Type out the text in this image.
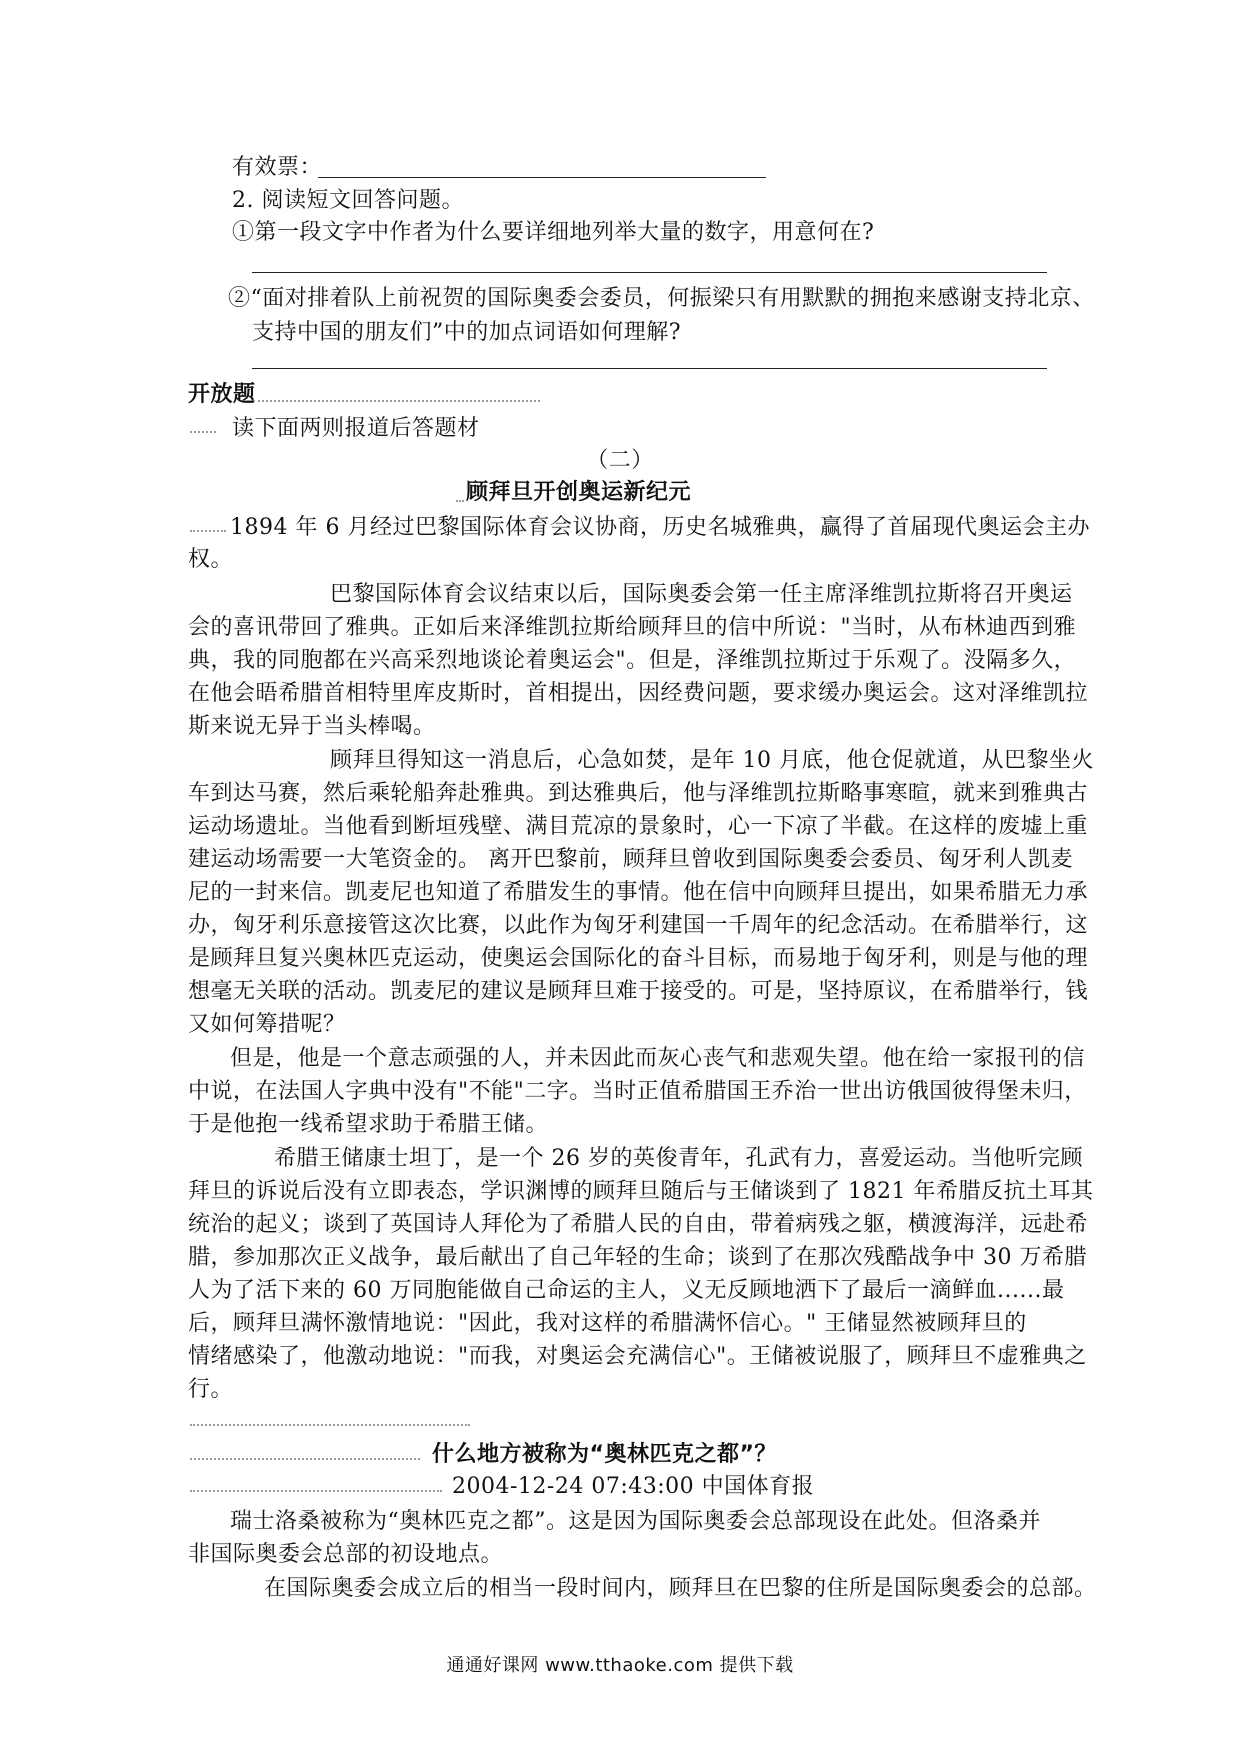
有效票：
2. 阅读短文回答问题。
①第一段文字中作者为什么要详细地列举大量的数字，用意何在?
②“面对排着队上前祝贺的国际奥委会委员，何振梁只有用默默的拥抱来感谢支持北京、
支持中国的朋友们”中的加点词语如何理解?
开放题
读下面两则报道后答题材
（二）
顾拜旦开创奥运新纪元
1894 年 6 月经过巴黎国际体育会议协商，历史名城雅典，赢得了首届现代奥运会主办
权。
巴黎国际体育会议结束以后，国际奥委会第一任主席泽维凯拉斯将召开奥运
会的喜讯带回了雅典。正如后来泽维凯拉斯给顾拜旦的信中所说："当时，从布林迪西到雅
典，我的同胞都在兴高采烈地谈论着奥运会"。但是，泽维凯拉斯过于乐观了。没隔多久，
在他会晤希腊首相特里库皮斯时，首相提出，因经费问题，要求缓办奥运会。这对泽维凯拉
斯来说无异于当头棒喝。
顾拜旦得知这一消息后，心急如焚，是年 10 月底，他仓促就道，从巴黎坐火
车到达马赛，然后乘轮船奔赴雅典。到达雅典后，他与泽维凯拉斯略事寒暄，就来到雅典古
运动场遗址。当他看到断垣残壁、满目荒凉的景象时，心一下凉了半截。在这样的废墟上重
建运动场需要一大笔资金的。 离开巴黎前，顾拜旦曾收到国际奥委会委员、匈牙利人凯麦
尼的一封来信。凯麦尼也知道了希腊发生的事情。他在信中向顾拜旦提出，如果希腊无力承
办，匈牙利乐意接管这次比赛，以此作为匈牙利建国一千周年的纪念活动。在希腊举行，这
是顾拜旦复兴奥林匹克运动，使奥运会国际化的奋斗目标，而易地于匈牙利，则是与他的理
想毫无关联的活动。凯麦尼的建议是顾拜旦难于接受的。可是，坚持原议，在希腊举行，钱
又如何筹措呢？
但是，他是一个意志顽强的人，并未因此而灰心丧气和悲观失望。他在给一家报刊的信
中说，在法国人字典中没有"不能"二字。当时正值希腊国王乔治一世出访俄国彼得堡未归，
于是他抱一线希望求助于希腊王储。
希腊王储康士坦丁，是一个 26 岁的英俊青年，孔武有力，喜爱运动。当他听完顾
拜旦的诉说后没有立即表态，学识渊博的顾拜旦随后与王储谈到了 1821 年希腊反抗土耳其
统治的起义；谈到了英国诗人拜伦为了希腊人民的自由，带着病残之躯，横渡海洋，远赴希
腊，参加那次正义战争，最后献出了自己年轻的生命；谈到了在那次残酷战争中 30 万希腊
人为了活下来的 60 万同胞能做自己命运的主人，义无反顾地洒下了最后一滴鲜血......最
后，顾拜旦满怀激情地说："因此，我对这样的希腊满怀信心。" 王储显然被顾拜旦的
情绪感染了，他激动地说："而我，对奥运会充满信心"。王储被说服了，顾拜旦不虚雅典之
行。
什么地方被称为“奥林匹克之都”？
2004-12-24 07:43:00 中国体育报
瑞士洛桑被称为“奥林匹克之都”。这是因为国际奥委会总部现设在此处。但洛桑并
非国际奥委会总部的初设地点。
在国际奥委会成立后的相当一段时间内，顾拜旦在巴黎的住所是国际奥委会的总部。
通通好课网 www.tthaoke.com 提供下载
